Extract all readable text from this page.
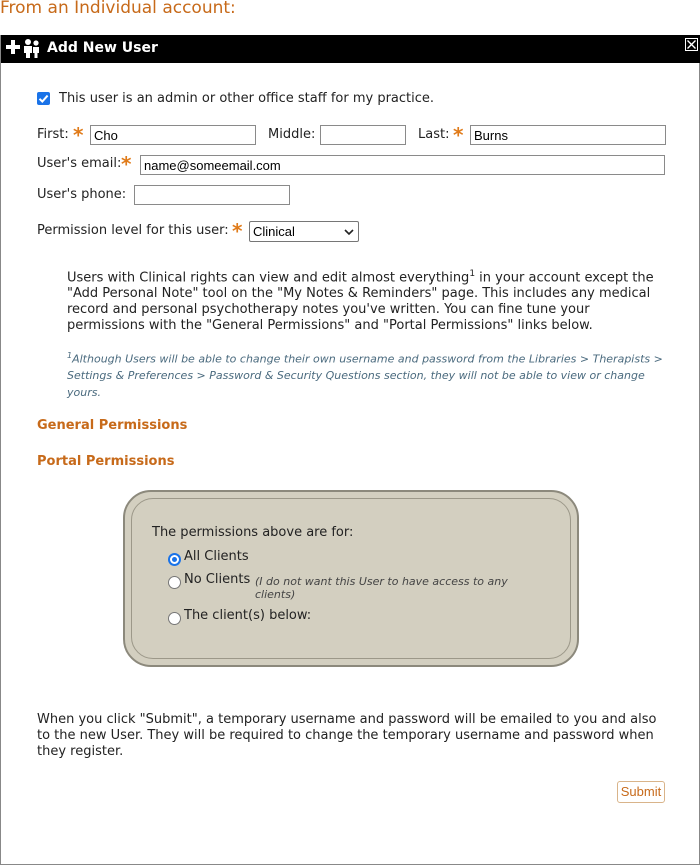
From an Individual account:
Add New User
This user is an admin or other office staff for my practice.
First: *
Cho	Middle:	Last: *
Burns
User's email: *
name@someemail.com
User's phone:
Permission level for this user: * Clinical
Users with Clinical rights can view and edit almost everything$^1$ in your account except the "Add Personal Note" tool on the "My Notes & Reminders" page. This includes any medical record and personal psychotherapy notes you've written. You can fine tune your permissions with the "General Permissions" and "Portal Permissions" links below.
$^1$Although Users will be able to change their own username and password from the Libraries > Therapists > Settings & Preferences > Password & Security Questions section, they will not be able to view or change yours.
General Permissions
Portal Permissions
The permissions above are for:
All Clients
No Clients (I do not want this User to have access to any clients)
The client(s) below:
When you click "Submit", a temporary username and password will be emailed to you and also to the new User. They will be required to change the temporary username and password when they register.
Submit
